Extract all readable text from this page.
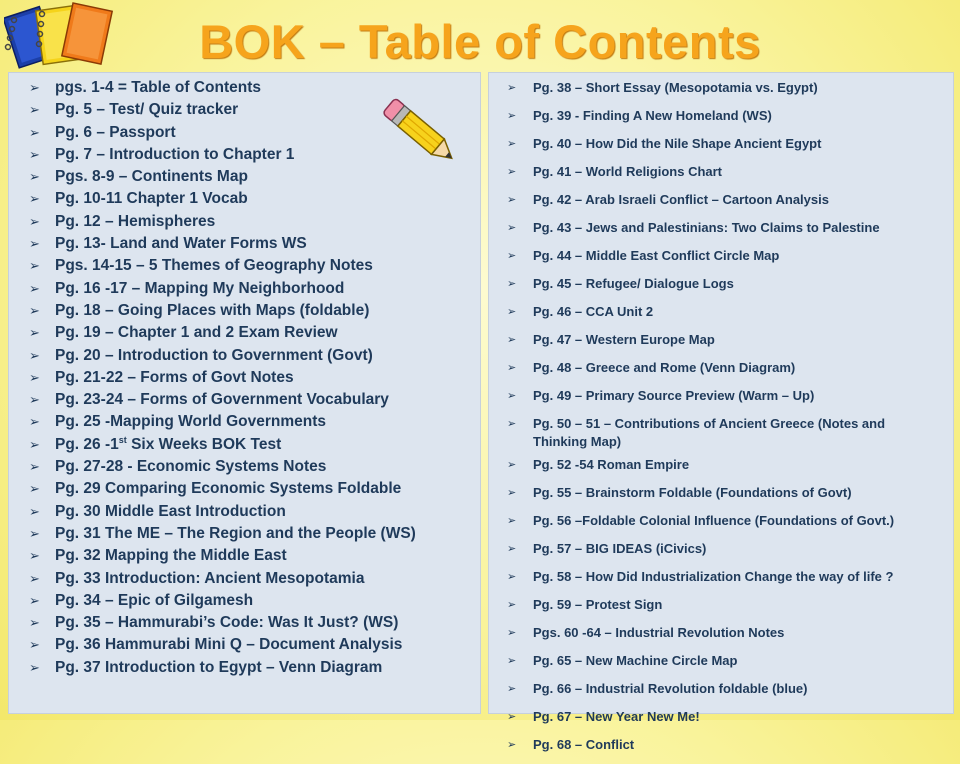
BOK – Table of Contents
➢ pgs. 1-4 = Table of Contents
➢ Pg. 5 – Test/ Quiz tracker
➢ Pg. 6 – Passport
➢ Pg. 7 – Introduction to Chapter 1
➢ Pgs. 8-9 – Continents Map
➢ Pg. 10-11 Chapter 1 Vocab
➢ Pg. 12 – Hemispheres
➢ Pg. 13- Land and Water Forms WS
➢ Pgs. 14-15 – 5 Themes of Geography Notes
➢ Pg. 16 -17 – Mapping My Neighborhood
➢ Pg. 18 – Going Places with Maps (foldable)
➢ Pg. 19 – Chapter 1 and 2 Exam Review
➢ Pg. 20 – Introduction to Government (Govt)
➢ Pg. 21-22 – Forms of Govt Notes
➢ Pg. 23-24 – Forms of Government Vocabulary
➢ Pg. 25 -Mapping World Governments
➢ Pg. 26 -1st Six Weeks BOK Test
➢ Pg. 27-28 - Economic Systems Notes
➢ Pg. 29 Comparing Economic Systems Foldable
➢ Pg. 30 Middle East Introduction
➢ Pg. 31 The ME – The Region and the People (WS)
➢ Pg. 32 Mapping the Middle East
➢ Pg. 33 Introduction: Ancient Mesopotamia
➢ Pg. 34 – Epic of Gilgamesh
➢ Pg. 35 – Hammurabi’s Code: Was It Just? (WS)
➢ Pg. 36 Hammurabi Mini Q – Document Analysis
➢ Pg. 37 Introduction to Egypt – Venn Diagram
➢ Pg. 38 – Short Essay (Mesopotamia vs. Egypt)
➢ Pg. 39 - Finding A New Homeland (WS)
➢ Pg. 40 – How Did the Nile Shape Ancient Egypt
➢ Pg. 41 – World Religions Chart
➢ Pg. 42 – Arab Israeli Conflict – Cartoon Analysis
➢ Pg. 43 – Jews and Palestinians: Two Claims to Palestine
➢ Pg. 44 – Middle East Conflict Circle Map
➢ Pg. 45 – Refugee/ Dialogue Logs
➢ Pg. 46 – CCA Unit 2
➢ Pg. 47 – Western Europe Map
➢ Pg. 48 – Greece and Rome (Venn Diagram)
➢ Pg. 49 – Primary Source Preview (Warm – Up)
➢ Pg. 50 – 51 – Contributions of Ancient Greece (Notes and Thinking Map)
➢ Pg. 52 -54 Roman Empire
➢ Pg. 55 – Brainstorm Foldable (Foundations of Govt)
➢ Pg. 56 –Foldable Colonial Influence (Foundations of Govt.)
➢ Pg. 57 – BIG IDEAS (iCivics)
➢ Pg. 58 – How Did Industrialization Change the way of life ?
➢ Pg. 59 – Protest Sign
➢ Pgs. 60 -64 – Industrial Revolution Notes
➢ Pg. 65 – New Machine Circle Map
➢ Pg. 66 – Industrial Revolution foldable (blue)
➢ Pg. 67 – New Year New Me!
➢ Pg. 68 – Conflict
